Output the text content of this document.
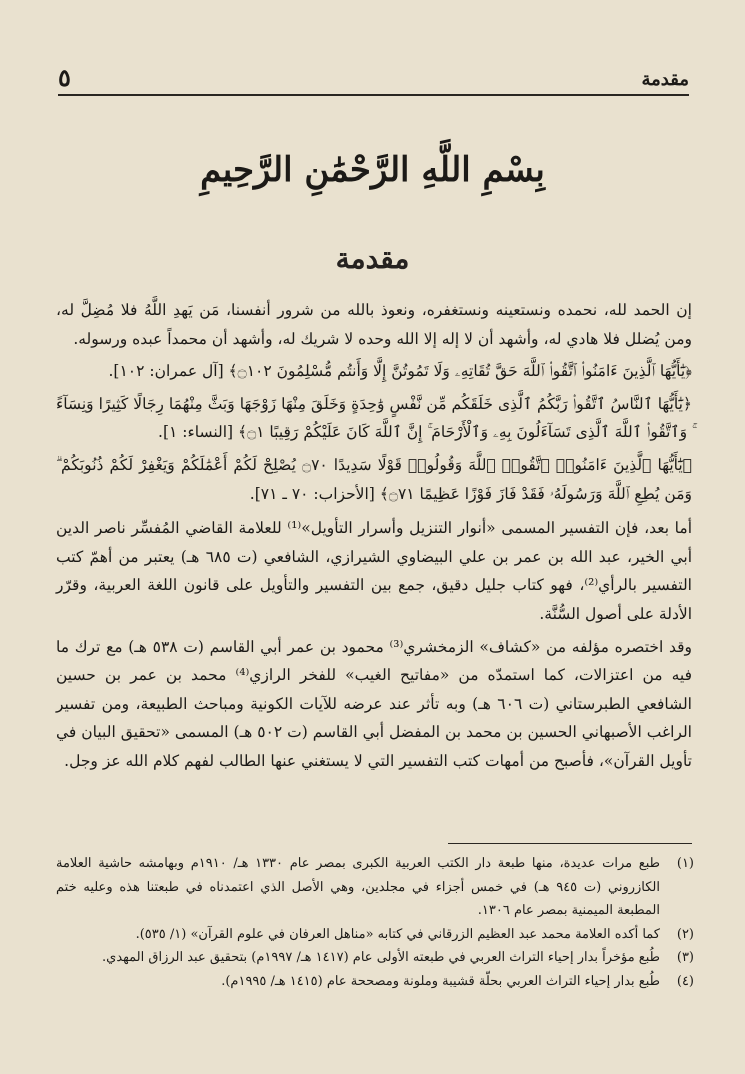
مقدمة
٥
بِسْمِ اللَّهِ الرَّحْمَٰنِ الرَّحِيمِ
مقدمة

إن الحمد لله، نحمده ونستعينه ونستغفره، ونعوذ بالله من شرور أنفسنا، مَن يَهدِ اللَّهُ فلا مُضِلَّ له، ومن يُضلل فلا هادي له، وأشهد أن لا إله إلا الله وحده لا شريك له، وأشهد أن محمداً عبده ورسوله.

﴿يَٰٓأَيُّهَا ٱلَّذِينَ ءَامَنُوا۟ ٱتَّقُوا۟ ٱللَّهَ حَقَّ تُقَاتِهِۦ وَلَا تَمُوتُنَّ إِلَّا وَأَنتُم مُّسْلِمُونَ ۝١٠٢﴾ [آل عمران: ١٠٢].

﴿يَٰٓأَيُّهَا ٱلنَّاسُ ٱتَّقُوا۟ رَبَّكُمُ ٱلَّذِى خَلَقَكُم مِّن نَّفْسٍ وَٰحِدَةٍ وَخَلَقَ مِنْهَا زَوْجَهَا وَبَثَّ مِنْهُمَا رِجَالًا كَثِيرًا وَنِسَآءً ۚ وَٱتَّقُوا۟ ٱللَّهَ ٱلَّذِى تَسَآءَلُونَ بِهِۦ وَٱلْأَرْحَامَ ۚ إِنَّ ٱللَّهَ كَانَ عَلَيْكُمْ رَقِيبًا ۝١﴾ [النساء: ١].

﴿يَٰٓأَيُّهَا ٱلَّذِينَ ءَامَنُوا۟ ٱتَّقُوا۟ ٱللَّهَ وَقُولُوا۟ قَوْلًا سَدِيدًا ۝٧٠ يُصْلِحْ لَكُمْ أَعْمَٰلَكُمْ وَيَغْفِرْ لَكُمْ ذُنُوبَكُمْ ۗ وَمَن يُطِعِ ٱللَّهَ وَرَسُولَهُۥ فَقَدْ فَازَ فَوْزًا عَظِيمًا ۝٧١﴾ [الأحزاب: ٧٠ ـ ٧١].

أما بعد، فإن التفسير المسمى «أنوار التنزيل وأسرار التأويل»⁽¹⁾ للعلامة القاضي المُفسِّر ناصر الدين أبي الخير، عبد الله بن عمر بن علي البيضاوي الشيرازي، الشافعي (ت ٦٨٥ هـ) يعتبر من أهمّ كتب التفسير بالرأي⁽²⁾، فهو كتاب جليل دقيق، جمع بين التفسير والتأويل على قانون اللغة العربية، وقرّر الأدلة على أصول السُّنَّة.

وقد اختصره مؤلفه من «كشاف» الزمخشري⁽³⁾ محمود بن عمر أبي القاسم (ت ٥٣٨ هـ) مع ترك ما فيه من اعتزالات، كما استمدّه من «مفاتيح الغيب» للفخر الرازي⁽⁴⁾ محمد بن عمر بن حسين الشافعي الطبرستاني (ت ٦٠٦ هـ) وبه تأثر عند عرضه للآيات الكونية ومباحث الطبيعة، ومن تفسير الراغب الأصبهاني الحسين بن محمد بن المفضل أبي القاسم (ت ٥٠٢ هـ) المسمى «تحقيق البيان في تأويل القرآن»، فأصبح من أمهات كتب التفسير التي لا يستغني عنها الطالب لفهم كلام الله عز وجل.

(١)
طبع مرات عديدة، منها طبعة دار الكتب العربية الكبرى بمصر عام ١٣٣٠ هـ/ ١٩١٠م وبهامشه حاشية العلامة الكازروني (ت ٩٤٥ هـ) في خمس أجزاء في مجلدين، وهي الأصل الذي اعتمدناه في طبعتنا هذه وعليه ختم المطبعة الميمنية بمصر عام ١٣٠٦.
(٢)
كما أكده العلامة محمد عبد العظيم الزرقاني في كتابه «مناهل العرفان في علوم القرآن» (١/ ٥٣٥).
(٣)
طُبع مؤخراً بدار إحياء التراث العربي في طبعته الأولى عام (١٤١٧ هـ/ ١٩٩٧م) بتحقيق عبد الرزاق المهدي.
(٤)
طُبع بدار إحياء التراث العربي بحلّة قشيبة وملونة ومصححة عام (١٤١٥ هـ/ ١٩٩٥م).
